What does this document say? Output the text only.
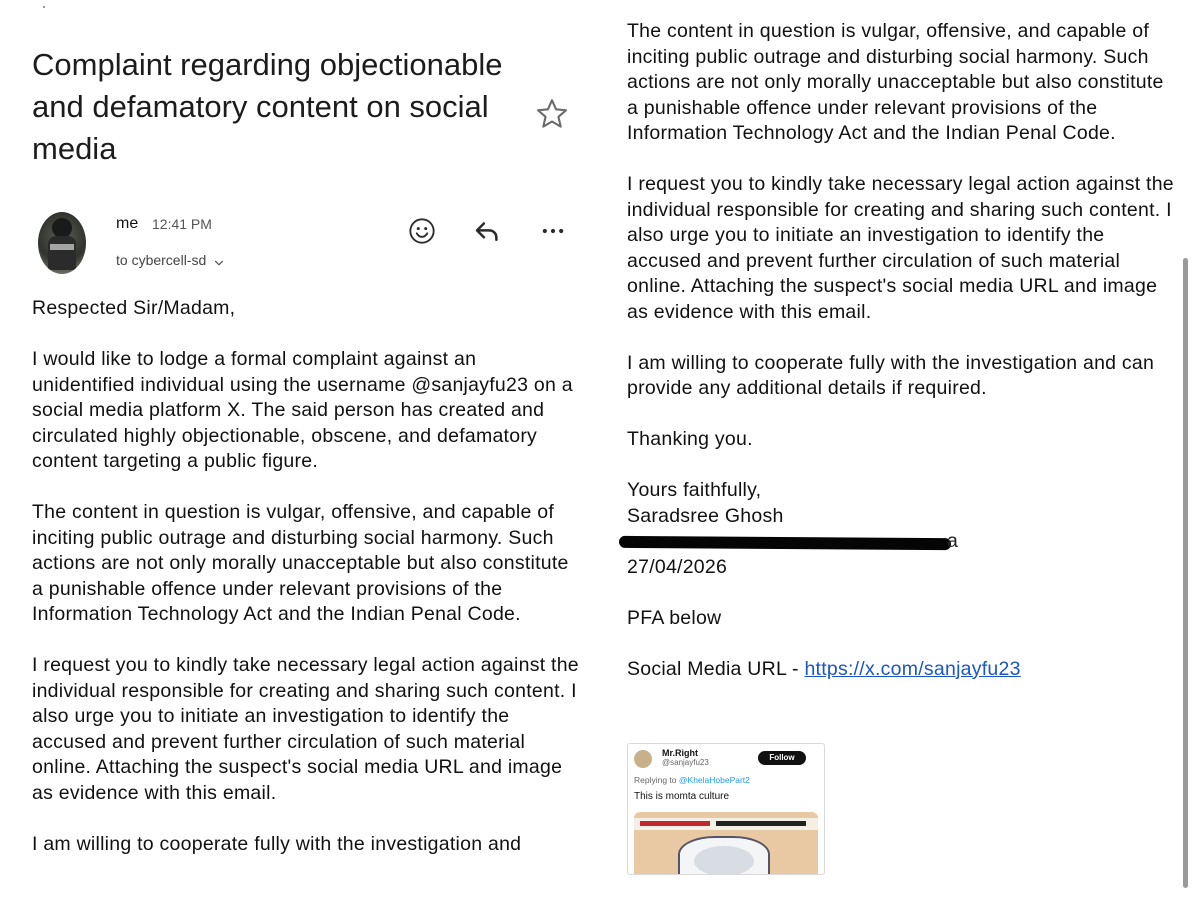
Complaint regarding objectionable and defamatory content on social media
me 12:41 PM
to cybercell-sd

Respected Sir/Madam,

I would like to lodge a formal complaint against an unidentified individual using the username @sanjayfu23 on a social media platform X. The said person has created and circulated highly objectionable, obscene, and defamatory content targeting a public figure.

The content in question is vulgar, offensive, and capable of inciting public outrage and disturbing social harmony. Such actions are not only morally unacceptable but also constitute a punishable offence under relevant provisions of the Information Technology Act and the Indian Penal Code.

I request you to kindly take necessary legal action against the individual responsible for creating and sharing such content. I also urge you to initiate an investigation to identify the accused and prevent further circulation of such material online. Attaching the suspect's social media URL and image as evidence with this email.

I am willing to cooperate fully with the investigation and

The content in question is vulgar, offensive, and capable of inciting public outrage and disturbing social harmony. Such actions are not only morally unacceptable but also constitute a punishable offence under relevant provisions of the Information Technology Act and the Indian Penal Code.

I request you to kindly take necessary legal action against the individual responsible for creating and sharing such content. I also urge you to initiate an investigation to identify the accused and prevent further circulation of such material online. Attaching the suspect's social media URL and image as evidence with this email.

I am willing to cooperate fully with the investigation and can provide any additional details if required.

Thanking you.

Yours faithfully,
Saradsree Ghosh
a
27/04/2026

PFA below

Social Media URL - https://x.com/sanjayfu23

Mr.Right
@sanjayfu23
Follow
Replying to @KhelaHobePart2
This is momta culture
